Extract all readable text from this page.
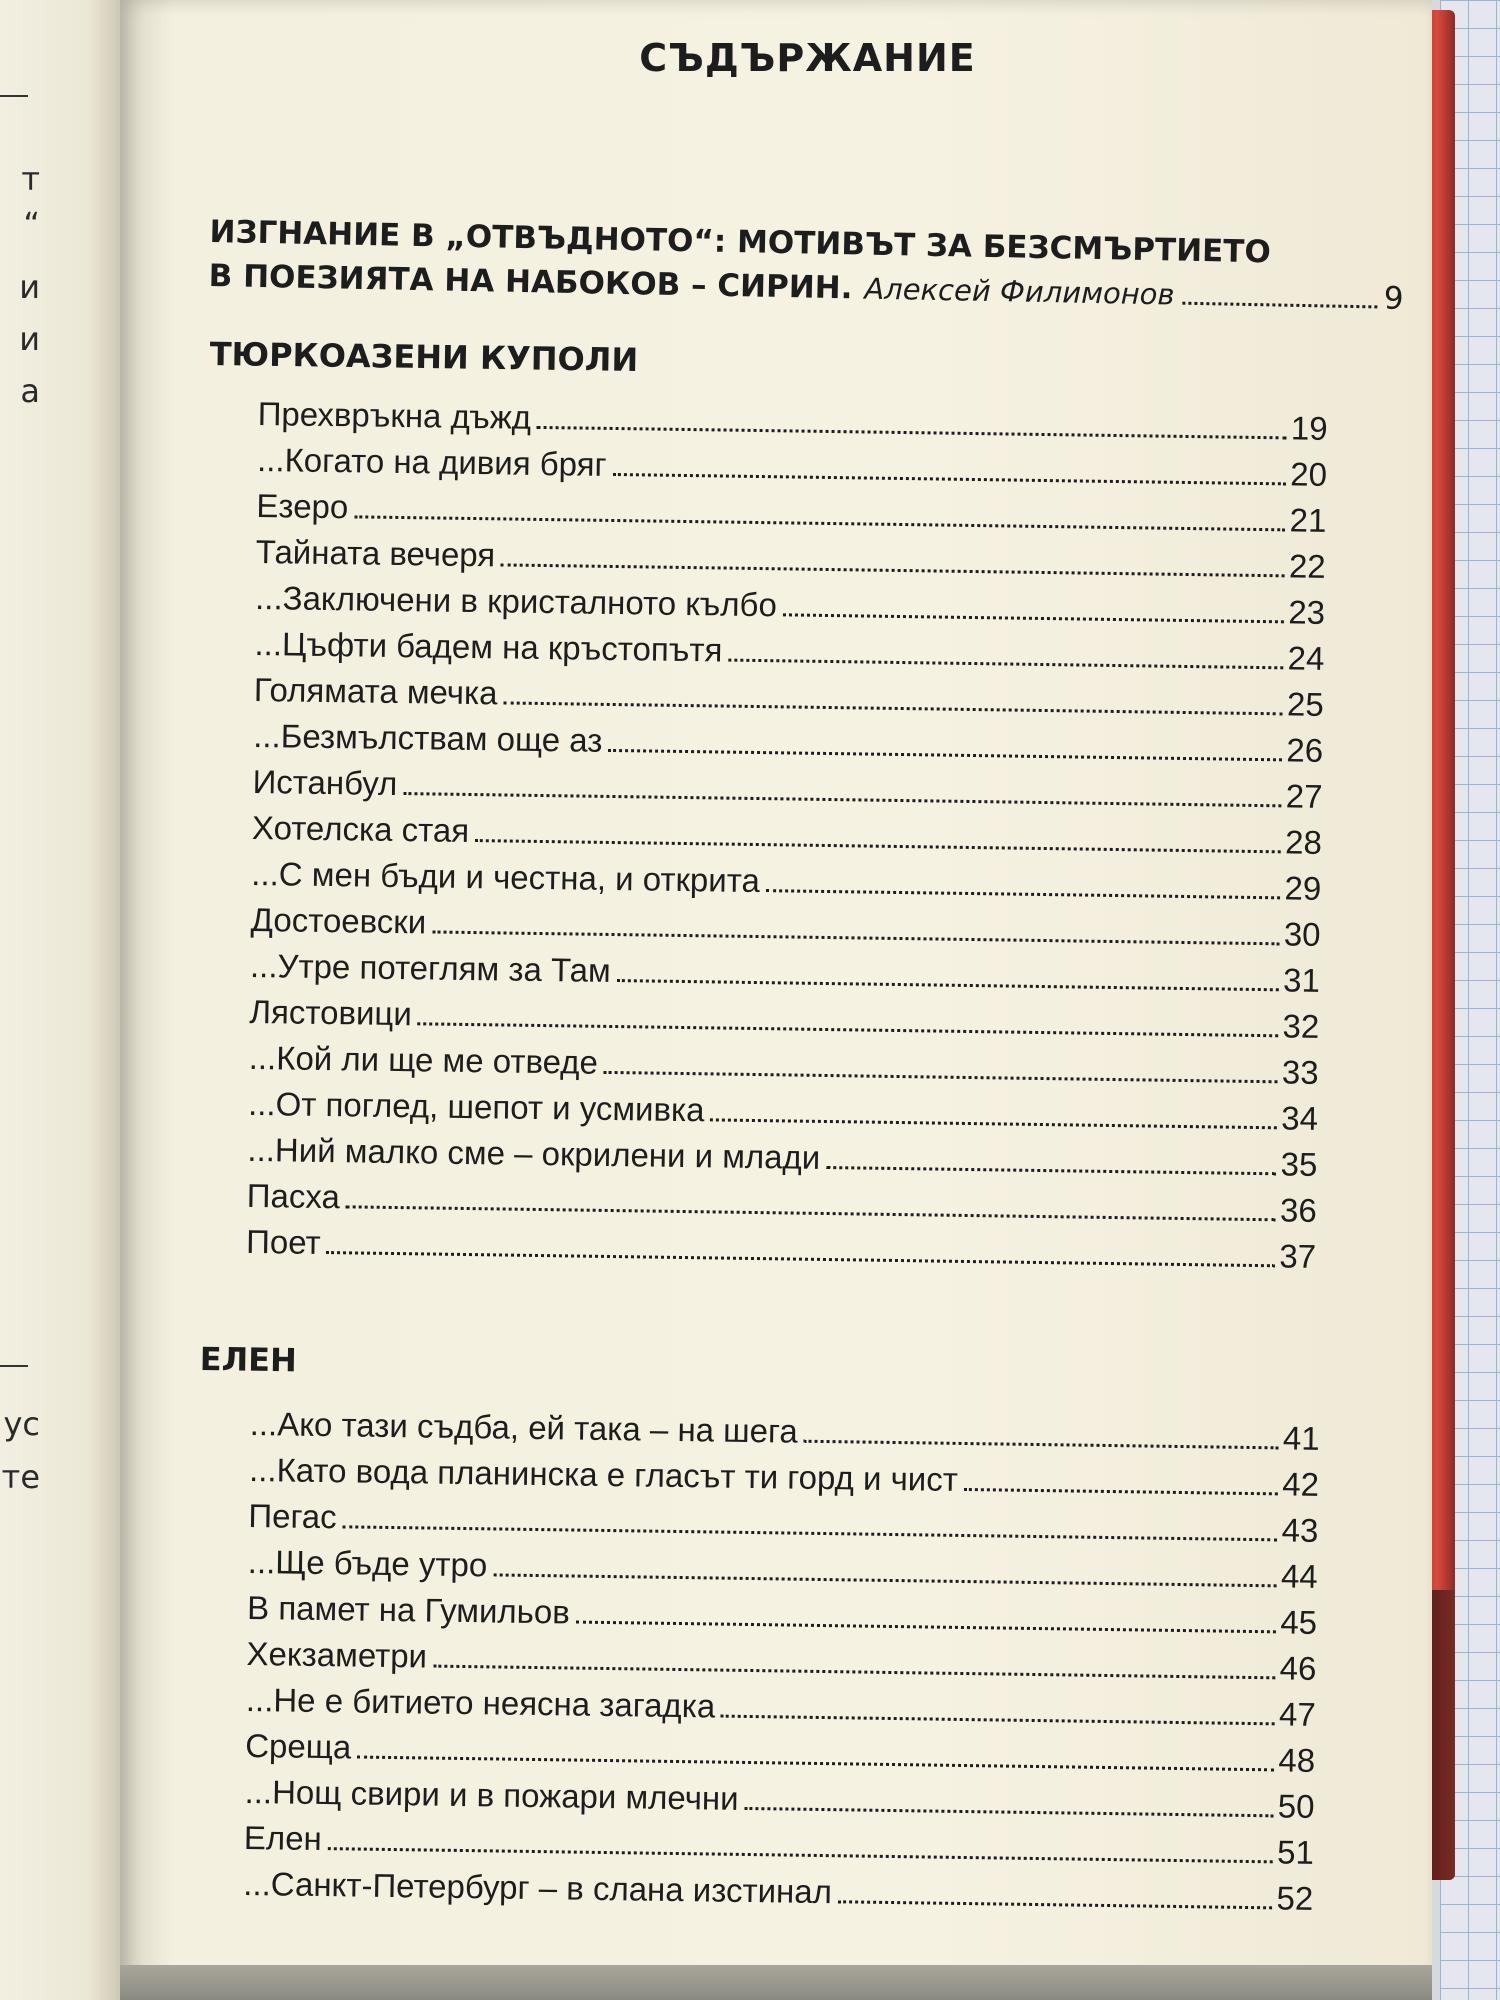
т
“
и
и
а
ус
те
СЪДЪРЖАНИЕ
ИЗГНАНИЕ В „ОТВЪДНОТО“: МОТИВЪТ ЗА БЕЗСМЪРТИЕТО
В ПОЕЗИЯТА НА НАБОКОВ – СИРИН. Алексей Филимонов	9
ТЮРКОАЗЕНИ КУПОЛИ
Прехвръкна дъжд	19
...Когато на дивия бряг	20
Езеро	21
Тайната вечеря	22
...Заключени в кристалното кълбо	23
...Цъфти бадем на кръстопътя	24
Голямата мечка	25
...Безмълствам още аз	26
Истанбул	27
Хотелска стая	28
...С мен бъди и честна, и открита	29
Достоевски	30
...Утре потеглям за Там	31
Лястовици	32
...Кой ли ще ме отведе	33
...От поглед, шепот и усмивка	34
...Ний малко сме – окрилени и млади	35
Пасха	36
Поет	37
ЕЛЕН
...Ако тази съдба, ей така – на шега	41
...Като вода планинска е гласът ти горд и чист	42
Пегас	43
...Ще бъде утро	44
В памет на Гумильов	45
Хекзаметри	46
...Не е битието неясна загадка	47
Среща	48
...Нощ свири и в пожари млечни	50
Елен	51
...Санкт-Петербург – в слана изстинал	52
